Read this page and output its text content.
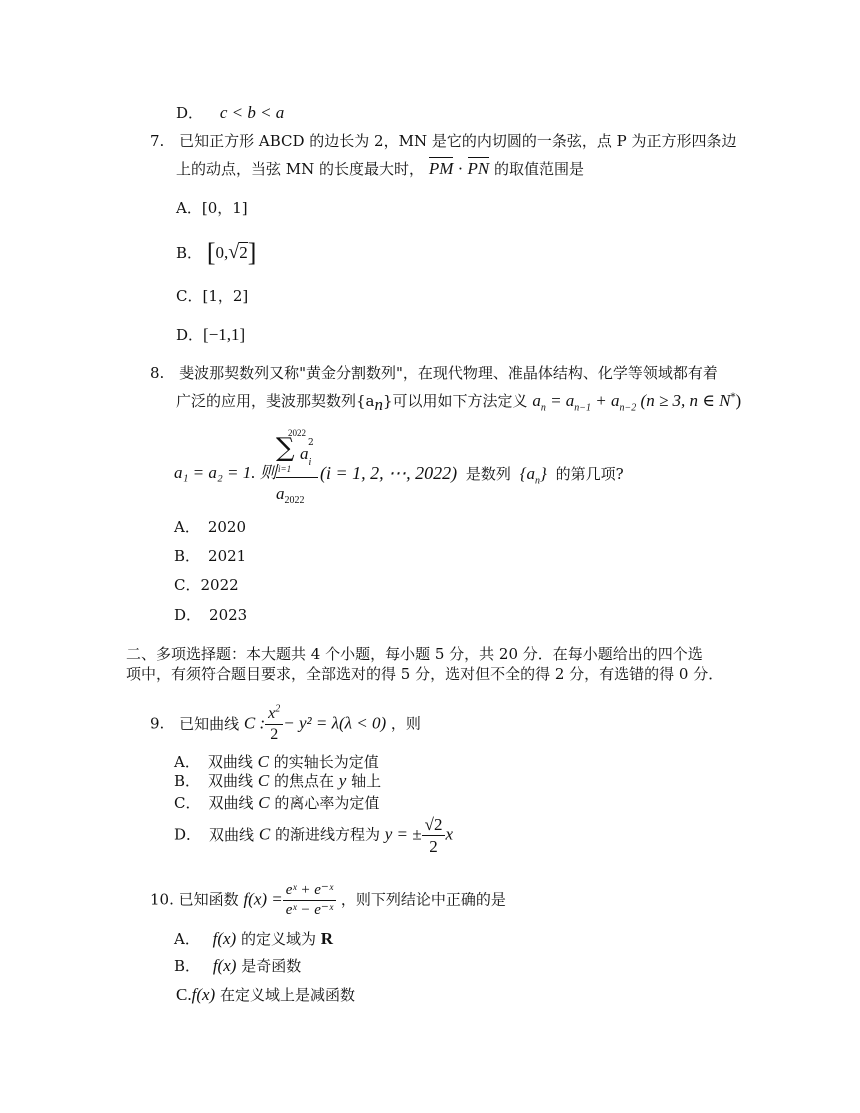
D． c < b < a
7. 已知正方形 ABCD 的边长为 2，MN 是它的内切圆的一条弦，点 P 为正方形四条边
上的动点，当弦 MN 的长度最大时， PM · PN 的取值范围是
A．[0，1]
B． [0,√2]
C．[1，2]
D．[−1,1]
8. 斐波那契数列又称"黄金分割数列"，在现代物理、准晶体结构、化学等领域都有着
广泛的应用，斐波那契数列$\{a_n\}$可以用如下方法定义 $a_n = a_{n-1} + a_{n-2}$ (n ≥ 3, n ∈ N*)
a₁ = a₂ = 1. 则
2022
∑ $a_i$
2
i=1
$a_{2022}$
(i = 1, 2, ⋯, 2022) 是数列 $\{a_n\}$ 的第几项?
A． 2020
B． 2021
C．2022
D． 2023
二、多项选择题：本大题共 4 个小题，每小题 5 分，共 20 分．在每小题给出的四个选
项中，有须符合题目要求，全部选对的得 5 分，选对但不全的得 2 分，有选错的得 0 分．
9. 已知曲线 C : $\frac{x^2}{2} - y^2 = \lambda(\lambda < 0)$ ，则
A． 双曲线 C 的实轴长为定值
B． 双曲线 C 的焦点在 y 轴上
C． 双曲线 C 的离心率为定值
D． 双曲线 C 的渐进线方程为 y = ± $\frac{√2}{2}$ x
10. 已知函数 $f(x) = \frac{\text{eˣ + e⁻ˣ}}{\text{eˣ − e⁻ˣ}}$ ，则下列结论中正确的是
A． f(x) 的定义域为 R
B． f(x) 是奇函数
C.f(x) 在定义域上是减函数
